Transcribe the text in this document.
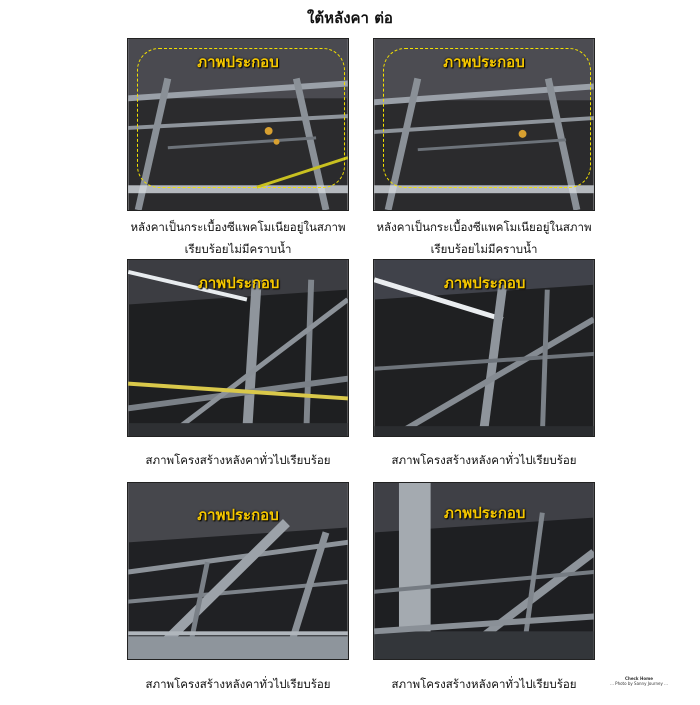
ใต้หลังคา ต่อ
ภาพประกอบ	ภาพประกอบ
หลังคาเป็นกระเบื้องซีแพคโมเนียอยู่ในสภาพ
เรียบร้อยไม่มีคราบน้ำ
หลังคาเป็นกระเบื้องซีแพคโมเนียอยู่ในสภาพ
เรียบร้อยไม่มีคราบน้ำ
ภาพประกอบ	ภาพประกอบ
สภาพโครงสร้างหลังคาทั่วไปเรียบร้อย	สภาพโครงสร้างหลังคาทั่วไปเรียบร้อย
ภาพประกอบ	ภาพประกอบ
สภาพโครงสร้างหลังคาทั่วไปเรียบร้อย	สภาพโครงสร้างหลังคาทั่วไปเรียบร้อย	Check Home
... Photo by Sanny Journey ...
